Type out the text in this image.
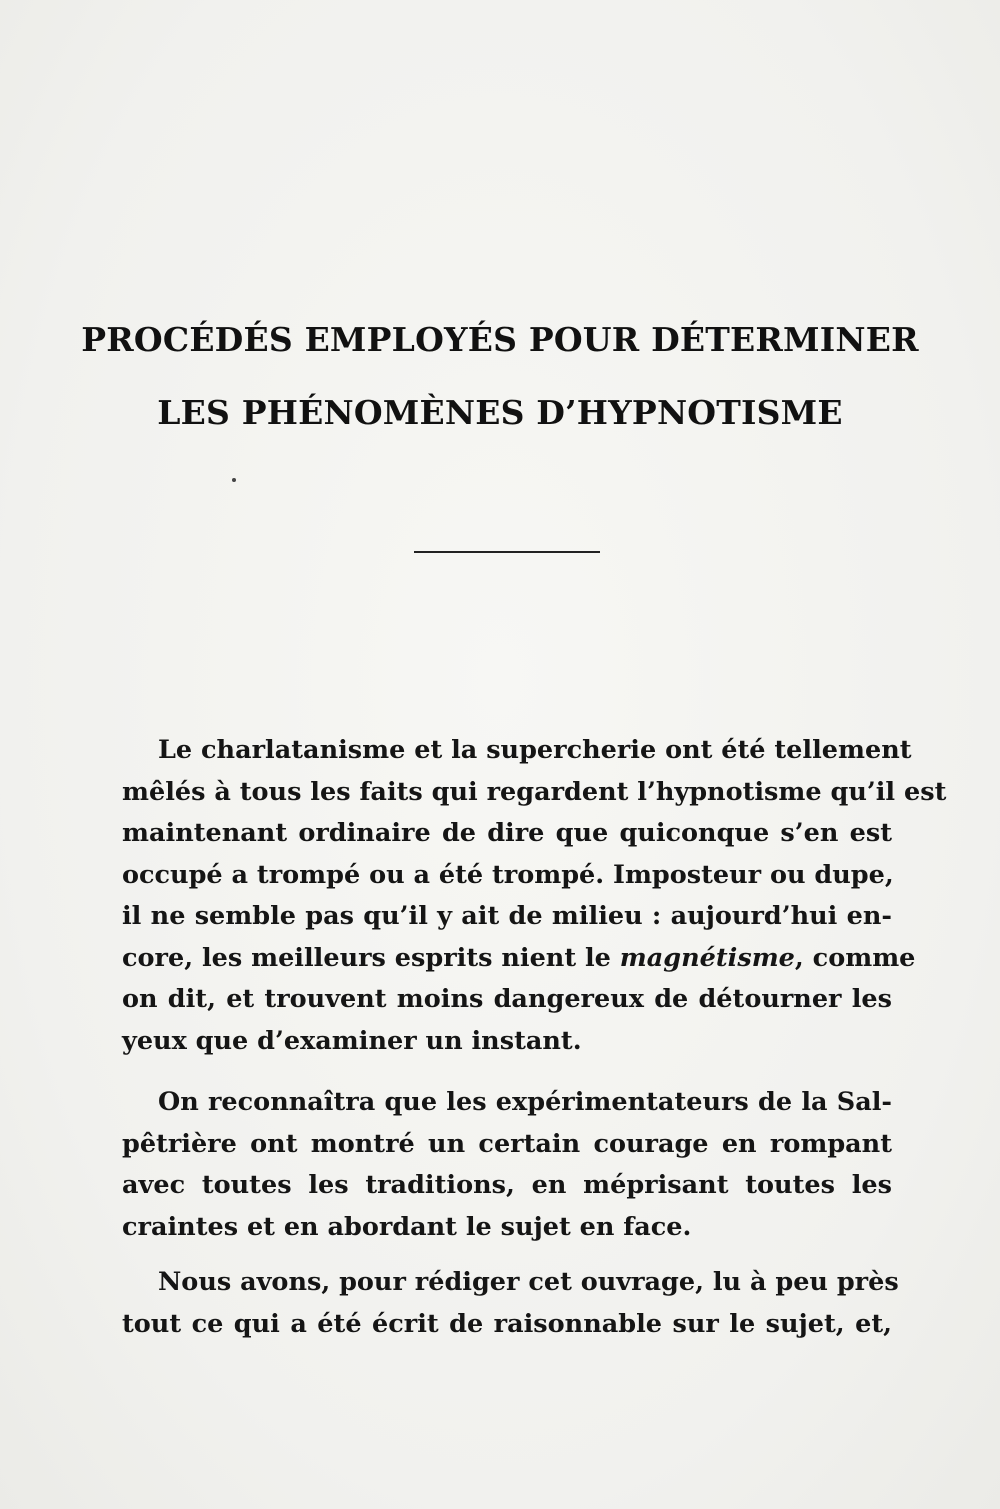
PROCÉDÉS EMPLOYÉS POUR DÉTERMINER
LES PHÉNOMÈNES D’HYPNOTISME
Le charlatanisme et la supercherie ont été tellement
mêlés à tous les faits qui regardent l’hypnotisme qu’il est
maintenant ordinaire de dire que quiconque s’en est
occupé a trompé ou a été trompé. Imposteur ou dupe,
il ne semble pas qu’il y ait de milieu : aujourd’hui en-
core, les meilleurs esprits nient le magnétisme, comme
on dit, et trouvent moins dangereux de détourner les
yeux que d’examiner un instant.
On reconnaîtra que les expérimentateurs de la Sal-
pêtrière ont montré un certain courage en rompant
avec toutes les traditions, en méprisant toutes les
craintes et en abordant le sujet en face.
Nous avons, pour rédiger cet ouvrage, lu à peu près
tout ce qui a été écrit de raisonnable sur le sujet, et,
